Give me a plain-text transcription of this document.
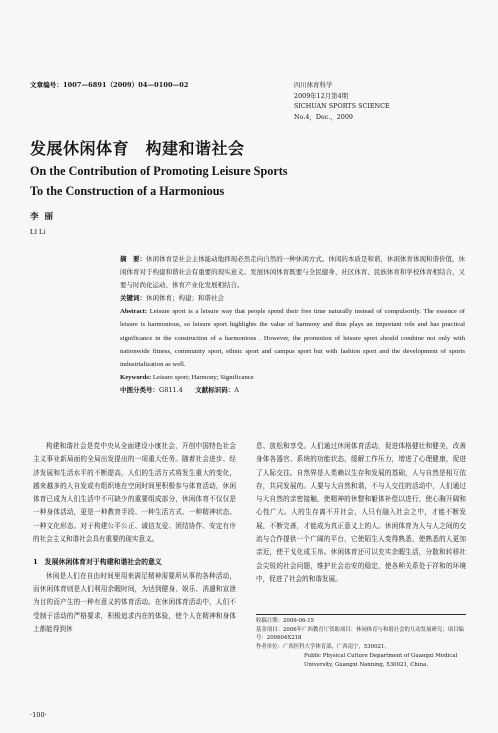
文章编号：1007—6891（2009）04—0100—02	四川体育科学
2009年12月第4期
SICHUAN SPORTS SCIENCE
No.4，Dec.，2009
发展休闲体育　构建和谐社会
On the Contribution of Promoting Leisure Sports
To the Construction of a Harmonious
李丽
LI Li
摘　要：休闲体育是社会主体能动地择现必然走向自然的一种休闲方式。休闲的本质是和谐，休闲体育体现和谐价值，休闲体育对于构建和谐社会有重要的现实意义。发展休闲体育既要与全民健身、社区体育、民族体育和学校体育相结合，又要与时尚化运动、体育产业化发展相结合。
关键词：休闲体育；构建；和谐社会
Abstract: Leisure sport is a leisure way that people spend their free time naturally instead of compulsorily. The essence of leisure is harmonious, so leisure sport highlights the value of harmony and thus plays an important role and has practical significance in the construction of a harmonious . However, the promotion of leisure sport should combine not only with nationwide fitness, community sport, ethnic sport and campus sport but with fashion sport and the development of sports industrialization as well.
Keywords: Leisure sport; Harmony; Significance
中图分类号：G811.4 文献标识码：A

构建和谐社会是党中央从全面建设小康社会，开创中国特色社会主义事业新局面的全局出发提出的一项重大任务。随着社会进步、经济发展和生活水平的不断提高，人们的生活方式将发生重大的变化，越来越多的人自发或有组织地在空闲时间里积极参与体育活动，休闲体育已成为人们生活中不可缺少的重要组成部分，休闲体育不仅仅是一种身体活动，更是一种教育手段、一种生活方式、一种精神状态、一种文化形态。对于构建公平公正、诚信友爱、团结协作、安定有序的社会主义和谐社会具有重要的现实意义。

1　发展休闲体育对于构建和谐社会的意义

休闲是人们在自由时间里用来满足精神需要所从事的各种活动，而休闲体育则是人们利用余暇时间，为达到健身、娱乐、消遣和宣泄为目的而产生的一种有意义的体育活动。在休闲体育活动中，人们不受制于活动的严格要求，积极追求内在的体验，使个人在精神和身体上都能得到休

息、放松和享受。人们通过休闲体育活动，促进体格健壮和健美，改善身体各器官、系统的功能状态，缓解工作压力，增进了心理健康，促进了人际交往。自然界是人类赖以生存和发展的基础，人与自然是相互依存，共同发展的。人要与大自然和谐，不与人交往的活动中，人们通过与大自然的亲密接触，使精神的休整和躯体补偿以进行，使心胸开阔和心性广大。人的生存离不开社会，人只有融入社会之中，才能不断发展，不断完善，才能成为真正意义上的人。休闲体育为人与人之间的交流与合作提供一个广阔的平台，它使陌生人变得熟悉，使熟悉的人更加亲近，使干戈化成玉帛。休闲体育还可以充实余暇生活，分散和转移社会尖锐的社会问题，维护社会治安的稳定，使各种关系处于祥和的环境中，促进了社会的和谐发展。

收稿日期：2009-06-15
基金项目：2006年广西教育厅资助项目：休闲体育与和谐社会的互动发展研究；项目编号：200604X218
作者单位：广西医科大学体育部，广西南宁，530021。
Public Physical Culture Department of Guangxi Medical University, Guangxi Nanning, 530021, China.
·100·
